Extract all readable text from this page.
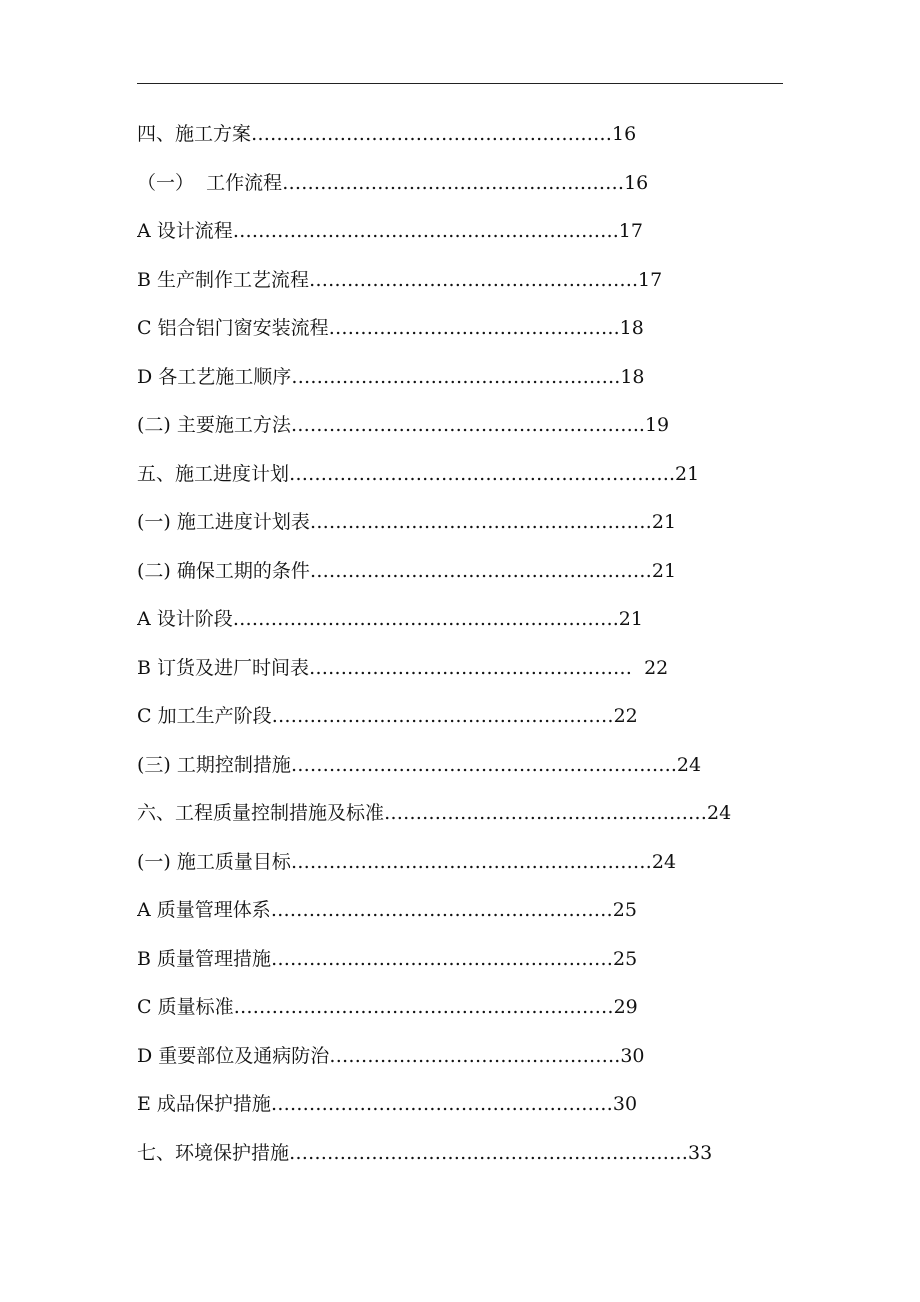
四、施工方案…………………………………………………16
（一）  工作流程………………………………………………16
A 设计流程…………………………………………………….17
B 生产制作工艺流程…………………………………………….17
C 铝合铝门窗安装流程……………………………………….18
D 各工艺施工顺序…………………………………………….18
(二) 主要施工方法………………………………………………..19
五、施工进度计划…………………………………………………….21
(一) 施工进度计划表………………………………………………21
(二) 确保工期的条件………………………………………………21
A 设计阶段…………………………………………………….21
B 订货及进厂时间表……………………………………………  22
C 加工生产阶段………………………………………………22
(三) 工期控制措施…………………………………………………….24
六、工程质量控制措施及标准……………………………………………24
(一) 施工质量目标…………………………………………………24
A 质量管理体系………………………………………………25
B 质量管理措施………………………………………………25
C 质量标准……………………………………………………29
D 重要部位及通病防治……………………………………….30
E 成品保护措施………………………………………………30
七、环境保护措施………………………………………………………33
